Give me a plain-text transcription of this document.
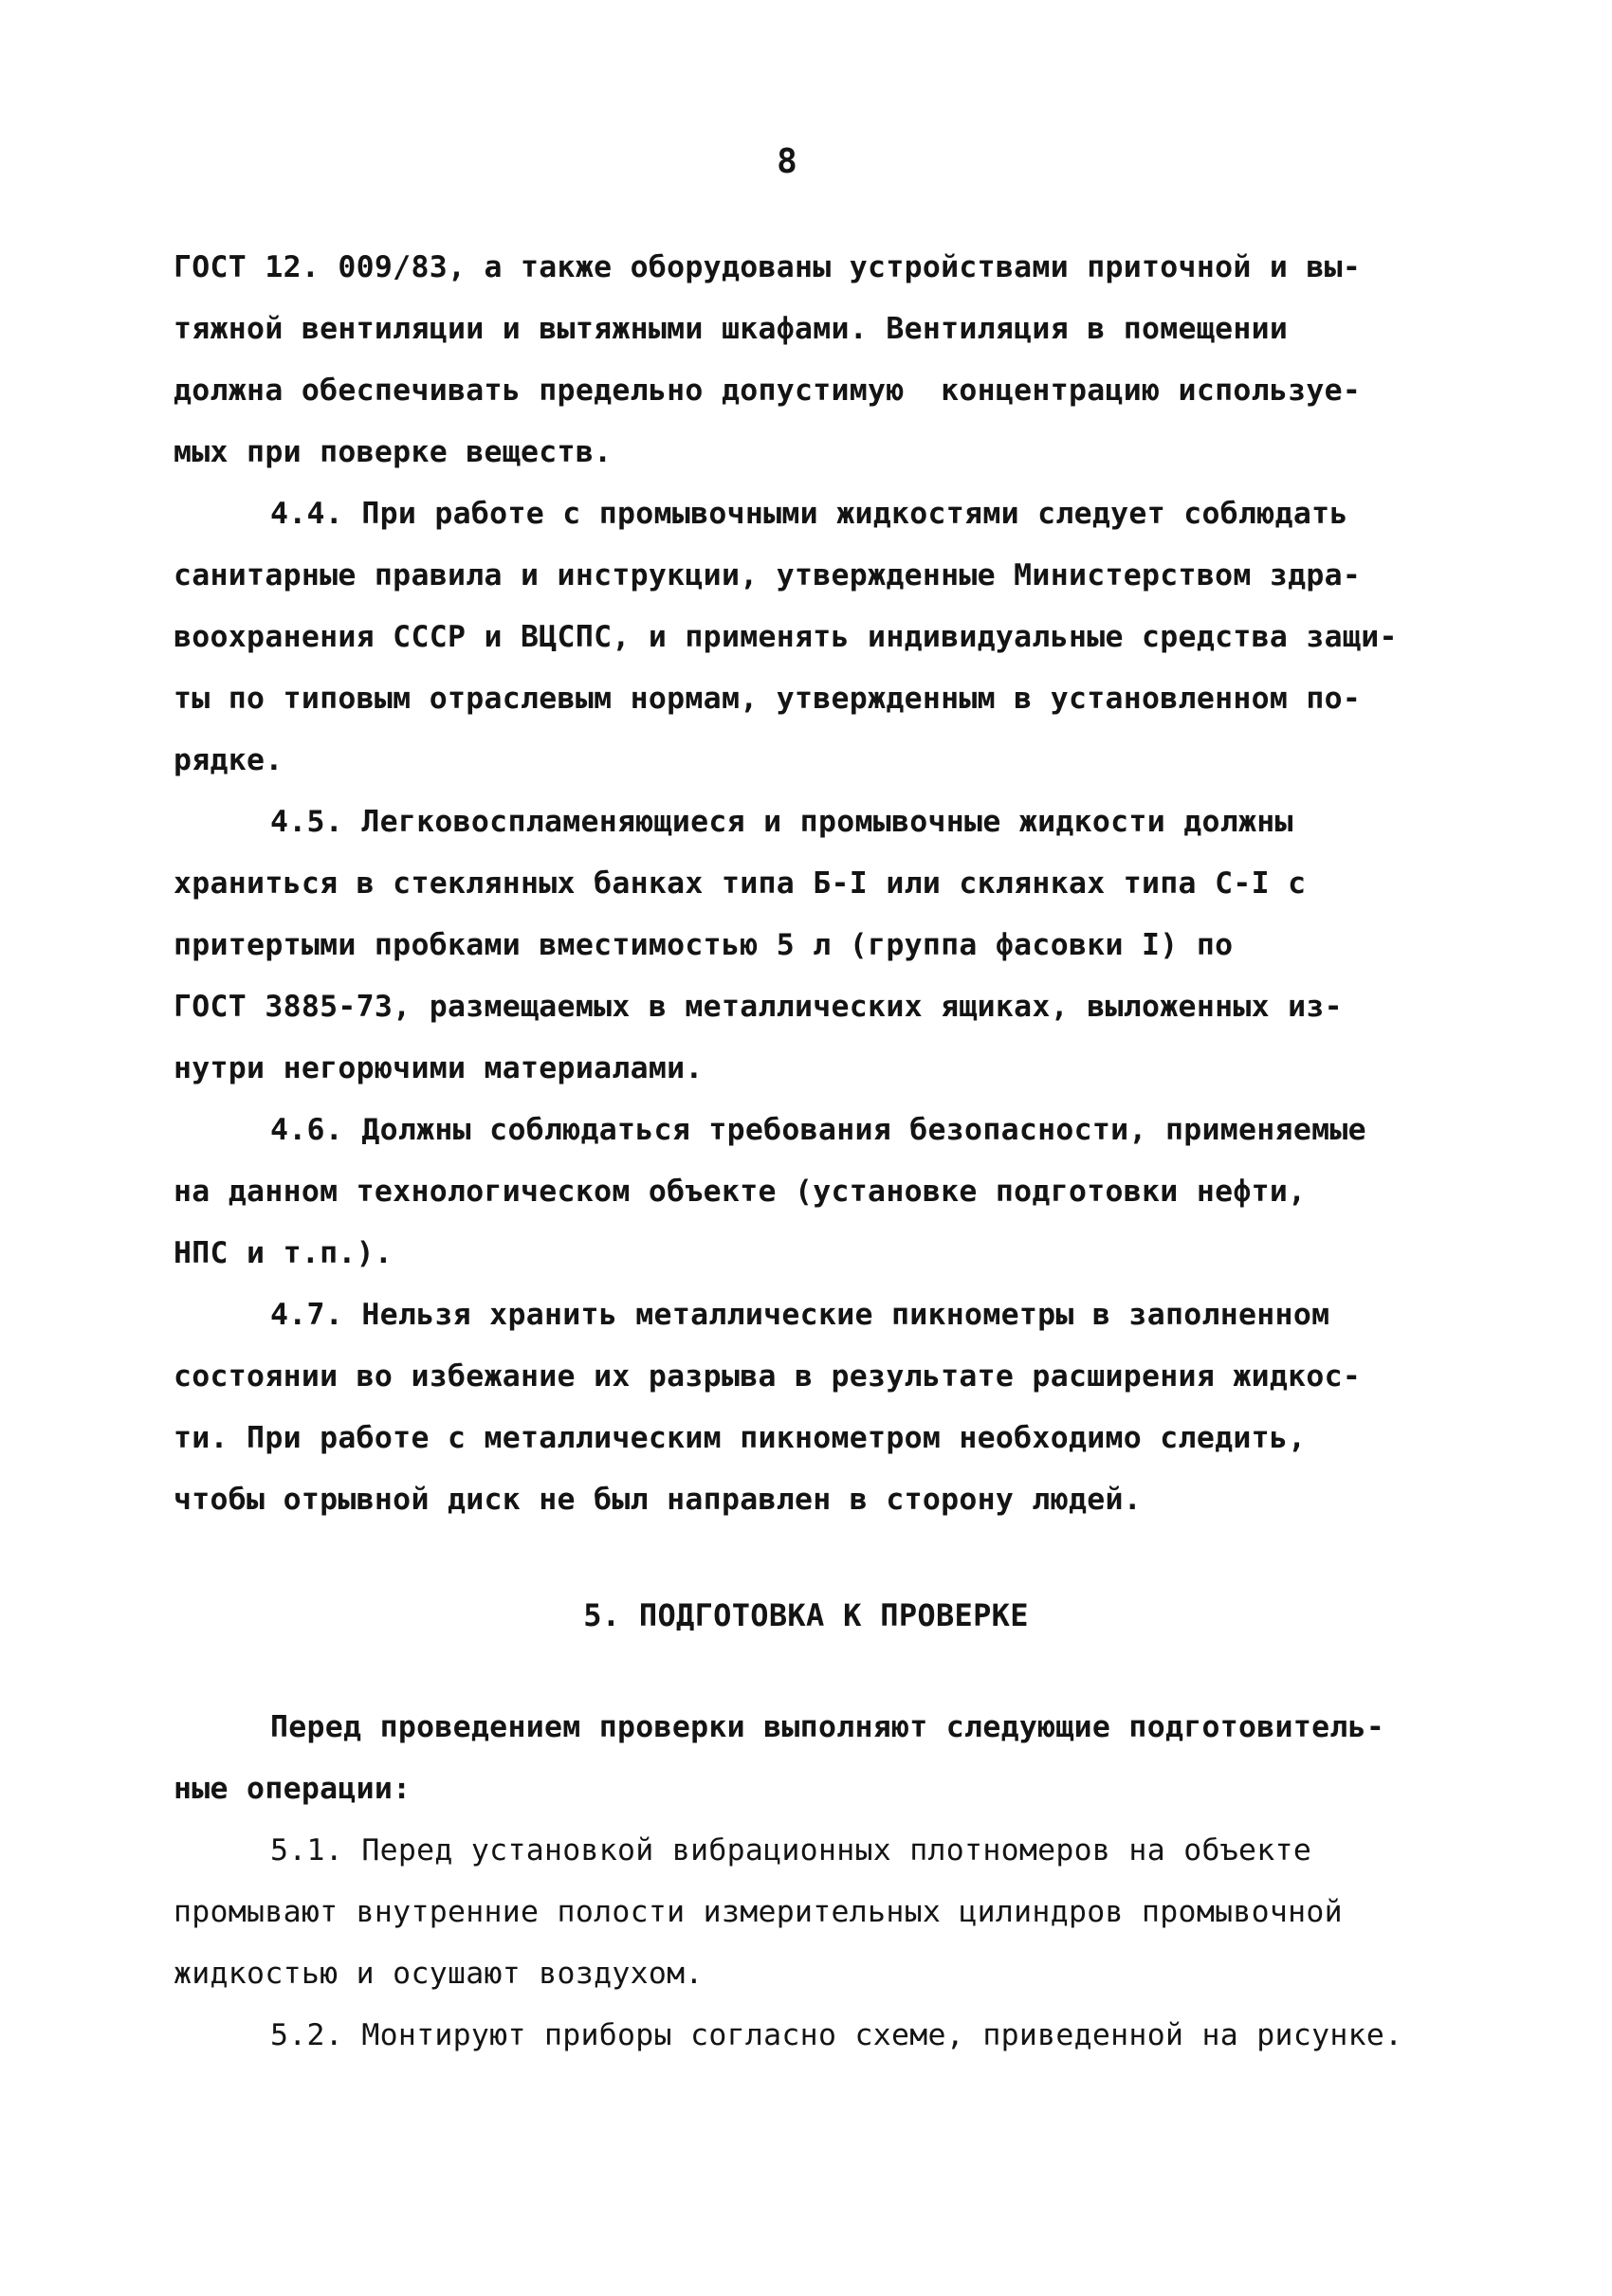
8
ГОСТ 12. 009/83, а также оборудованы устройствами приточной и вы-
тяжной вентиляции и вытяжными шкафами. Вентиляция в помещении
должна обеспечивать предельно допустимую  концентрацию используе-
мых при поверке веществ.
4.4. При работе с промывочными жидкостями следует соблюдать
санитарные правила и инструкции, утвержденные Министерством здра-
воохранения СССР и ВЦСПС, и применять индивидуальные средства защи-
ты по типовым отраслевым нормам, утвержденным в установленном по-
рядке.
4.5. Легковоспламеняющиеся и промывочные жидкости должны
храниться в стеклянных банках типа Б-I или склянках типа С-I с
притертыми пробками вместимостью 5 л (группа фасовки I) по
ГОСТ 3885-73, размещаемых в металлических ящиках, выложенных из-
нутри негорючими материалами.
4.6. Должны соблюдаться требования безопасности, применяемые
на данном технологическом объекте (установке подготовки нефти,
НПС и т.п.).
4.7. Нельзя хранить металлические пикнометры в заполненном
состоянии во избежание их разрыва в результате расширения жидкос-
ти. При работе с металлическим пикнометром необходимо следить,
чтобы отрывной диск не был направлен в сторону людей.
5. ПОДГОТОВКА К ПРОВЕРКЕ
Перед проведением проверки выполняют следующие подготовитель-
ные операции:
5.1. Перед установкой вибрационных плотномеров на объекте
промывают внутренние полости измерительных цилиндров промывочной
жидкостью и осушают воздухом.
5.2. Монтируют приборы согласно схеме, приведенной на рисунке.
